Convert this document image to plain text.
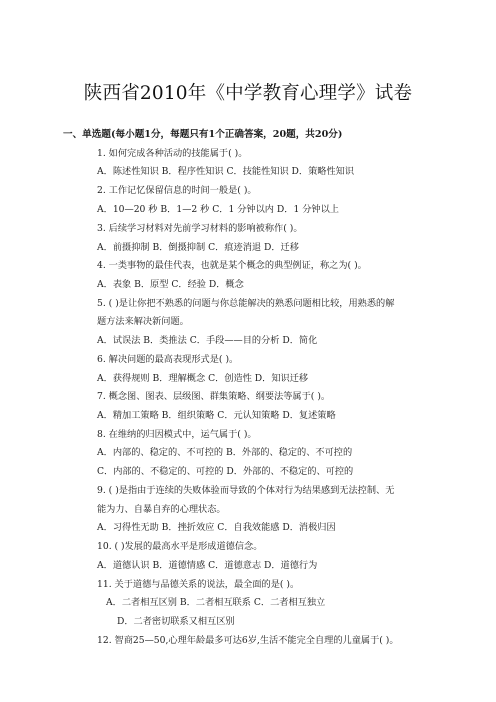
陕西省2010年《中学教育心理学》试卷
一、单选题(每小题1分，每题只有1个正确答案，20题，共20分)
1. 如何完成各种活动的技能属于( )。
A．陈述性知识 B．程序性知识 C．技能性知识 D．策略性知识
2. 工作记忆保留信息的时间一般是( )。
A．10—20 秒 B．1—2 秒 C．1 分钟以内 D．1 分钟以上
3. 后续学习材料对先前学习材料的影响被称作( )。
A．前摄抑制 B．倒摄抑制 C．痕迹消退 D．迁移
4. 一类事物的最佳代表，也就是某个概念的典型例证，称之为( )。
A．表象 B．原型 C．经验 D．概念
5. ( )是让你把不熟悉的问题与你总能解决的熟悉问题相比较，用熟悉的解
题方法来解决新问题。
A．试误法 B．类推法 C．手段——目的分析 D．简化
6. 解决问题的最高表现形式是( )。
A．获得规则 B．理解概念 C．创造性 D．知识迁移
7. 概念图、图表、层级图、群集策略、纲要法等属于( )。
A．精加工策略 B．组织策略 C．元认知策略 D．复述策略
8. 在维纳的归因模式中，运气属于( )。
A．内部的、稳定的、不可控的 B．外部的、稳定的、不可控的
C．内部的、不稳定的、可控的 D．外部的、不稳定的、可控的
9. ( )是指由于连续的失败体验而导致的个体对行为结果感到无法控制、无
能为力、自暴自弃的心理状态。
A．习得性无助 B．挫折效应 C．自我效能感 D．消极归因
10. ( )发展的最高水平是形成道德信念。
A．道德认识 B．道德情感 C．道德意志 D．道德行为
11. 关于道德与品德关系的说法，最全面的是( )。
A．二者相互区别 B．二者相互联系 C．二者相互独立
D．二者密切联系又相互区别
12. 智商25—50,心理年龄最多可达6岁,生活不能完全自理的儿童属于( )。
